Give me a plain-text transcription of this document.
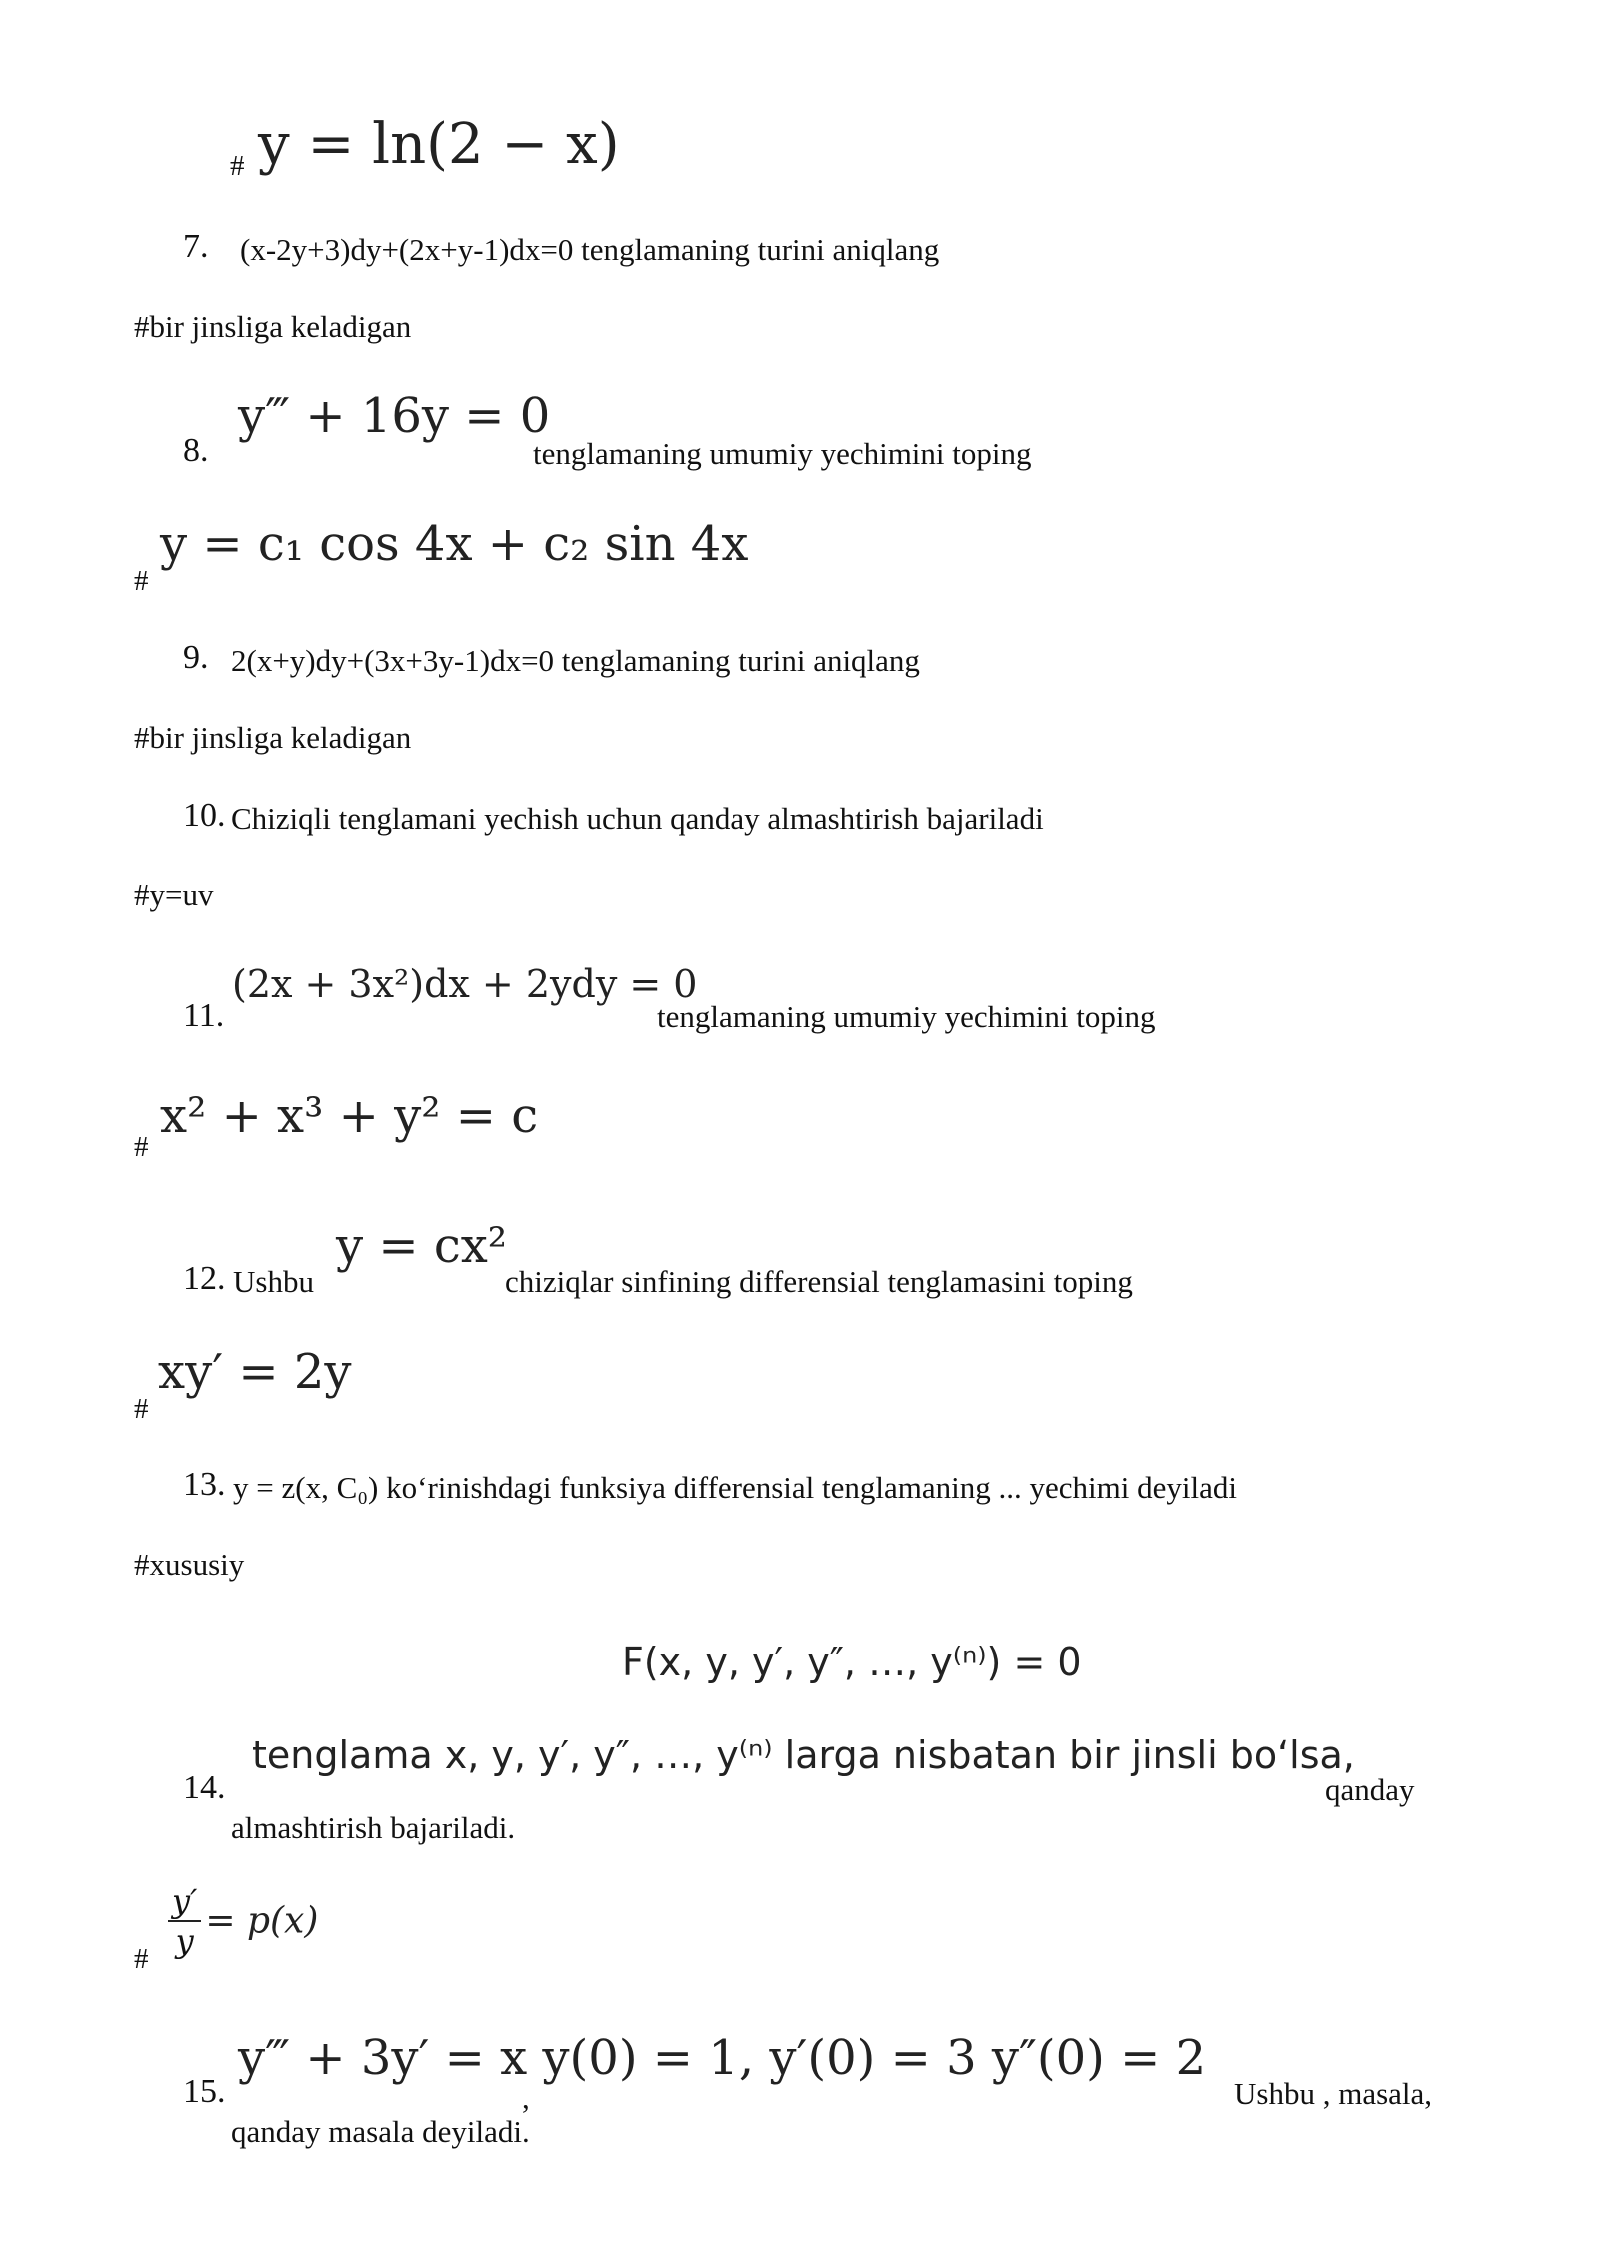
# y = ln(2 − x)
7. (x-2y+3)dy+(2x+y-1)dx=0 tenglamaning turini aniqlang
#bir jinsliga keladigan
y‴ + 16y = 0
8.	tenglamaning umumiy yechimini toping
#
y = c₁ cos 4x + c₂ sin 4x
9. 2(x+y)dy+(3x+3y-1)dx=0 tenglamaning turini aniqlang
#bir jinsliga keladigan
10. Chiziqli tenglamani yechish uchun qanday almashtirish bajariladi
#y=uv
(2x + 3x²)dx + 2ydy = 0
11.	tenglamaning umumiy yechimini toping
#
x² + x³ + y² = c
12. Ushbu
y = cx²
chiziqlar sinfining differensial tenglamasini toping
#
xy′ = 2y
13. y = z(x, C₀) ko‘rinishdagi funksiya differensial tenglamaning ... yechimi deyiladi
#xususiy
F(x, y, y′, y″, …, y⁽ⁿ⁾) = 0
14.
tenglama x, y, y′, y″, …, y⁽ⁿ⁾ larga nisbatan bir jinsli bo‘lsa,
qanday
almashtirish bajariladi.
# $\frac{y'}{y} = p(x)$
y‴ + 3y′ = x y(0) = 1, y′(0) = 3 y″(0) = 2
15.	,	Ushbu , masala,
qanday masala deyiladi.
